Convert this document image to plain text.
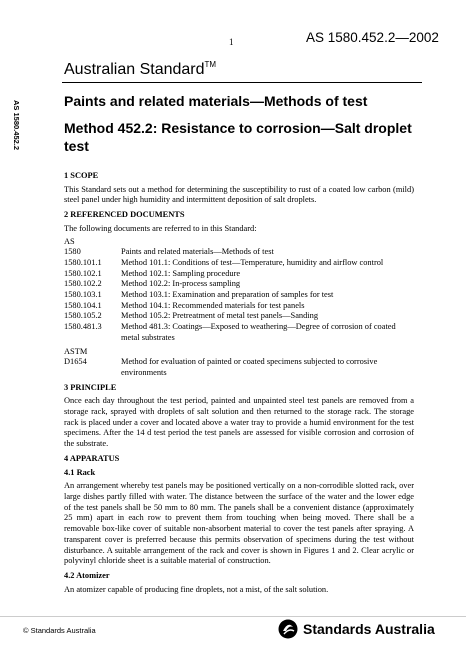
1	AS 1580.452.2—2002
AS 1580.452.2
Australian Standard™
Paints and related materials—Methods of test
Method 452.2: Resistance to corrosion—Salt droplet test
1 SCOPE

This Standard sets out a method for determining the susceptibility to rust of a coated low carbon (mild) steel panel under high humidity and intermittent deposition of salt droplets.

2 REFERENCED DOCUMENTS

The following documents are referred to in this Standard:

AS
1580	Paints and related materials—Methods of test
1580.101.1	Method 101.1: Conditions of test—Temperature, humidity and airflow control
1580.102.1	Method 102.1: Sampling procedure
1580.102.2	Method 102.2: In-process sampling
1580.103.1	Method 103.1: Examination and preparation of samples for test
1580.104.1	Method 104.1: Recommended materials for test panels
1580.105.2	Method 105.2: Pretreatment of metal test panels—Sanding
1580.481.3	Method 481.3: Coatings—Exposed to weathering—Degree of corrosion of coated metal substrates
ASTM
D1654	Method for evaluation of painted or coated specimens subjected to corrosive environments
3 PRINCIPLE

Once each day throughout the test period, painted and unpainted steel test panels are removed from a storage rack, sprayed with droplets of salt solution and then returned to the storage rack. The storage rack is placed under a cover and located above a water tray to provide a humid environment for the test specimens. After the 14 d test period the test panels are assessed for visible corrosion and corrosion of the substrate.

4 APPARATUS
4.1 Rack

An arrangement whereby test panels may be positioned vertically on a non-corrodible slotted rack, over large dishes partly filled with water. The distance between the surface of the water and the lower edge of the test panels shall be 50 mm to 80 mm. The panels shall be a convenient distance (approximately 25 mm) apart in each row to prevent them from touching when being moved. There shall be a removable box-like cover of suitable non-absorbent material to cover the test panels after spraying. A transparent cover is preferred because this permits observation of specimens during the test without disturbance. A suitable arrangement of the rack and cover is shown in Figures 1 and 2. Clear acrylic or polyvinyl chloride sheet is a suitable material of construction.

4.2 Atomizer

An atomizer capable of producing fine droplets, not a mist, of the salt solution.

© Standards Australia	Standards Australia
